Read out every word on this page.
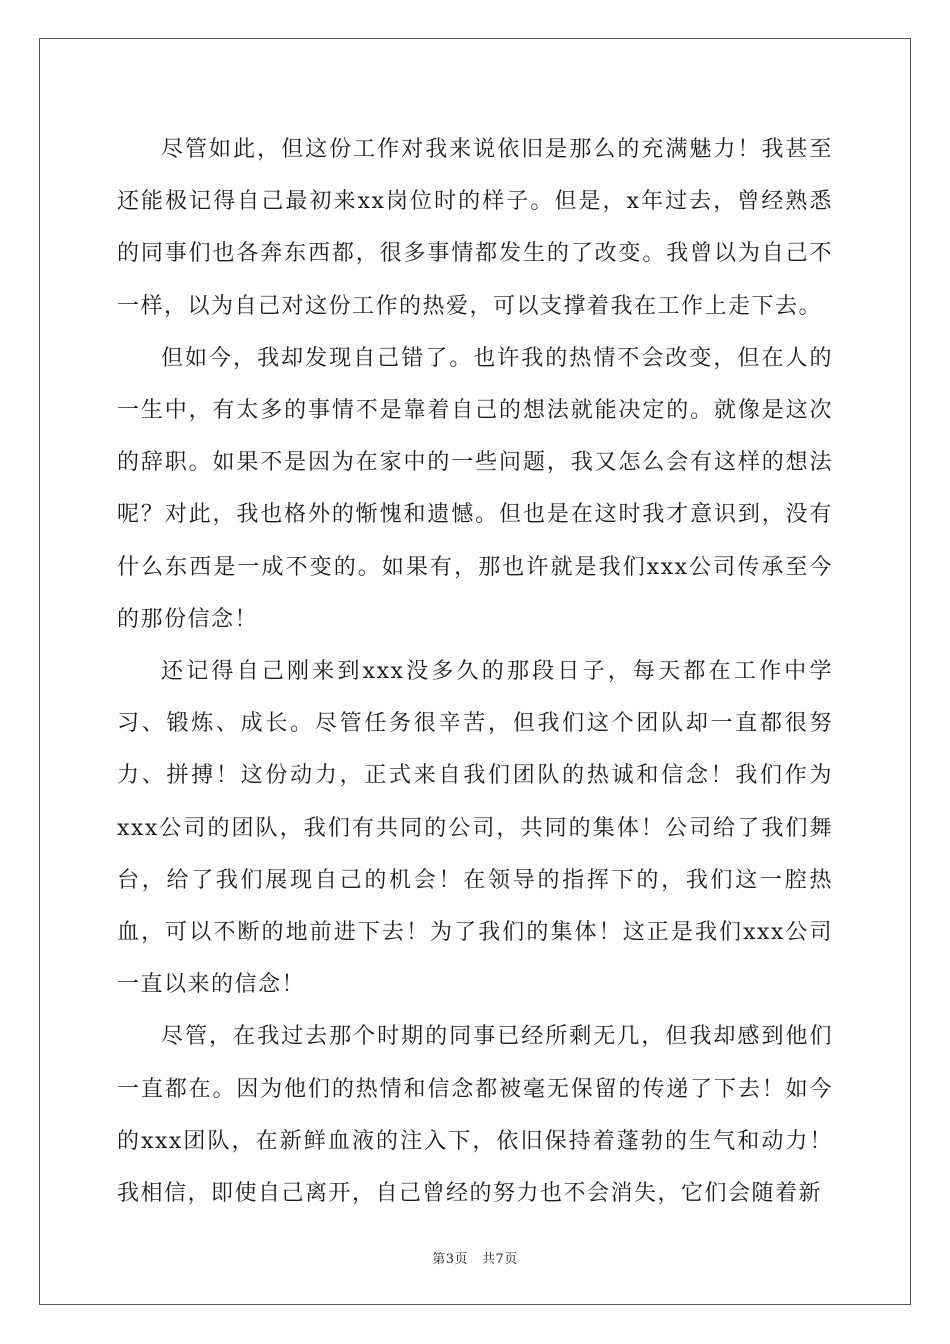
尽管如此，但这份工作对我来说依旧是那么的充满魅力！我甚至还能极记得自己最初来xx岗位时的样子。但是，x年过去，曾经熟悉的同事们也各奔东西都，很多事情都发生的了改变。我曾以为自己不一样，以为自己对这份工作的热爱，可以支撑着我在工作上走下去。

但如今，我却发现自己错了。也许我的热情不会改变，但在人的一生中，有太多的事情不是靠着自己的想法就能决定的。就像是这次的辞职。如果不是因为在家中的一些问题，我又怎么会有这样的想法呢？对此，我也格外的惭愧和遗憾。但也是在这时我才意识到，没有什么东西是一成不变的。如果有，那也许就是我们xxx公司传承至今的那份信念！

还记得自己刚来到xxx没多久的那段日子，每天都在工作中学习、锻炼、成长。尽管任务很辛苦，但我们这个团队却一直都很努力、拼搏！这份动力，正式来自我们团队的热诚和信念！我们作为xxx公司的团队，我们有共同的公司，共同的集体！公司给了我们舞台，给了我们展现自己的机会！在领导的指挥下的，我们这一腔热血，可以不断的地前进下去！为了我们的集体！这正是我们xxx公司一直以来的信念！

尽管，在我过去那个时期的同事已经所剩无几，但我却感到他们一直都在。因为他们的热情和信念都被毫无保留的传递了下去！如今的xxx团队，在新鲜血液的注入下，依旧保持着蓬勃的生气和动力！我相信，即使自己离开，自己曾经的努力也不会消失，它们会随着新

第3页 共7页
